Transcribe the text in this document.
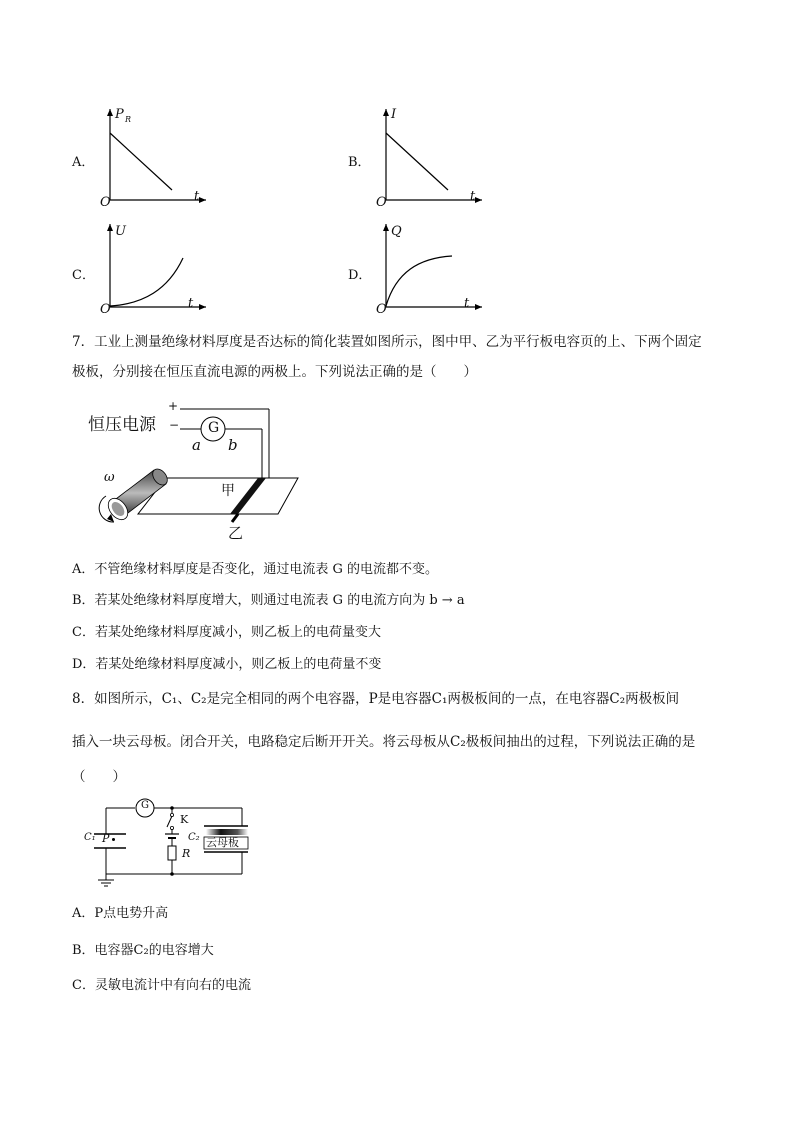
A．
P R
O	t
B．
I
O	t
C．
U
O	t
D．
Q
O	t
7．工业上测量绝缘材料厚度是否达标的简化装置如图所示，图中甲、乙为平行板电容页的上、下两个固定
极板，分别接在恒压直流电源的两极上。下列说法正确的是（　　）
恒压电源
+
− G
a b
ω
甲
乙
A．不管绝缘材料厚度是否变化，通过电流表 G 的电流都不变。
B．若某处绝缘材料厚度增大，则通过电流表 G 的电流方向为 b → a
C．若某处绝缘材料厚度减小，则乙板上的电荷量变大
D．若某处绝缘材料厚度减小，则乙板上的电荷量不变
8．如图所示，C₁、C₂是完全相同的两个电容器，P是电容器C₁两极板间的一点，在电容器C₂两极板间
插入一块云母板。闭合开关，电路稳定后断开开关。将云母板从C₂极板间抽出的过程，下列说法正确的是
（　　）
G
K
C₁ P	C₂
R
云母板
A．P点电势升高
B．电容器C₂的电容增大
C．灵敏电流计中有向右的电流
